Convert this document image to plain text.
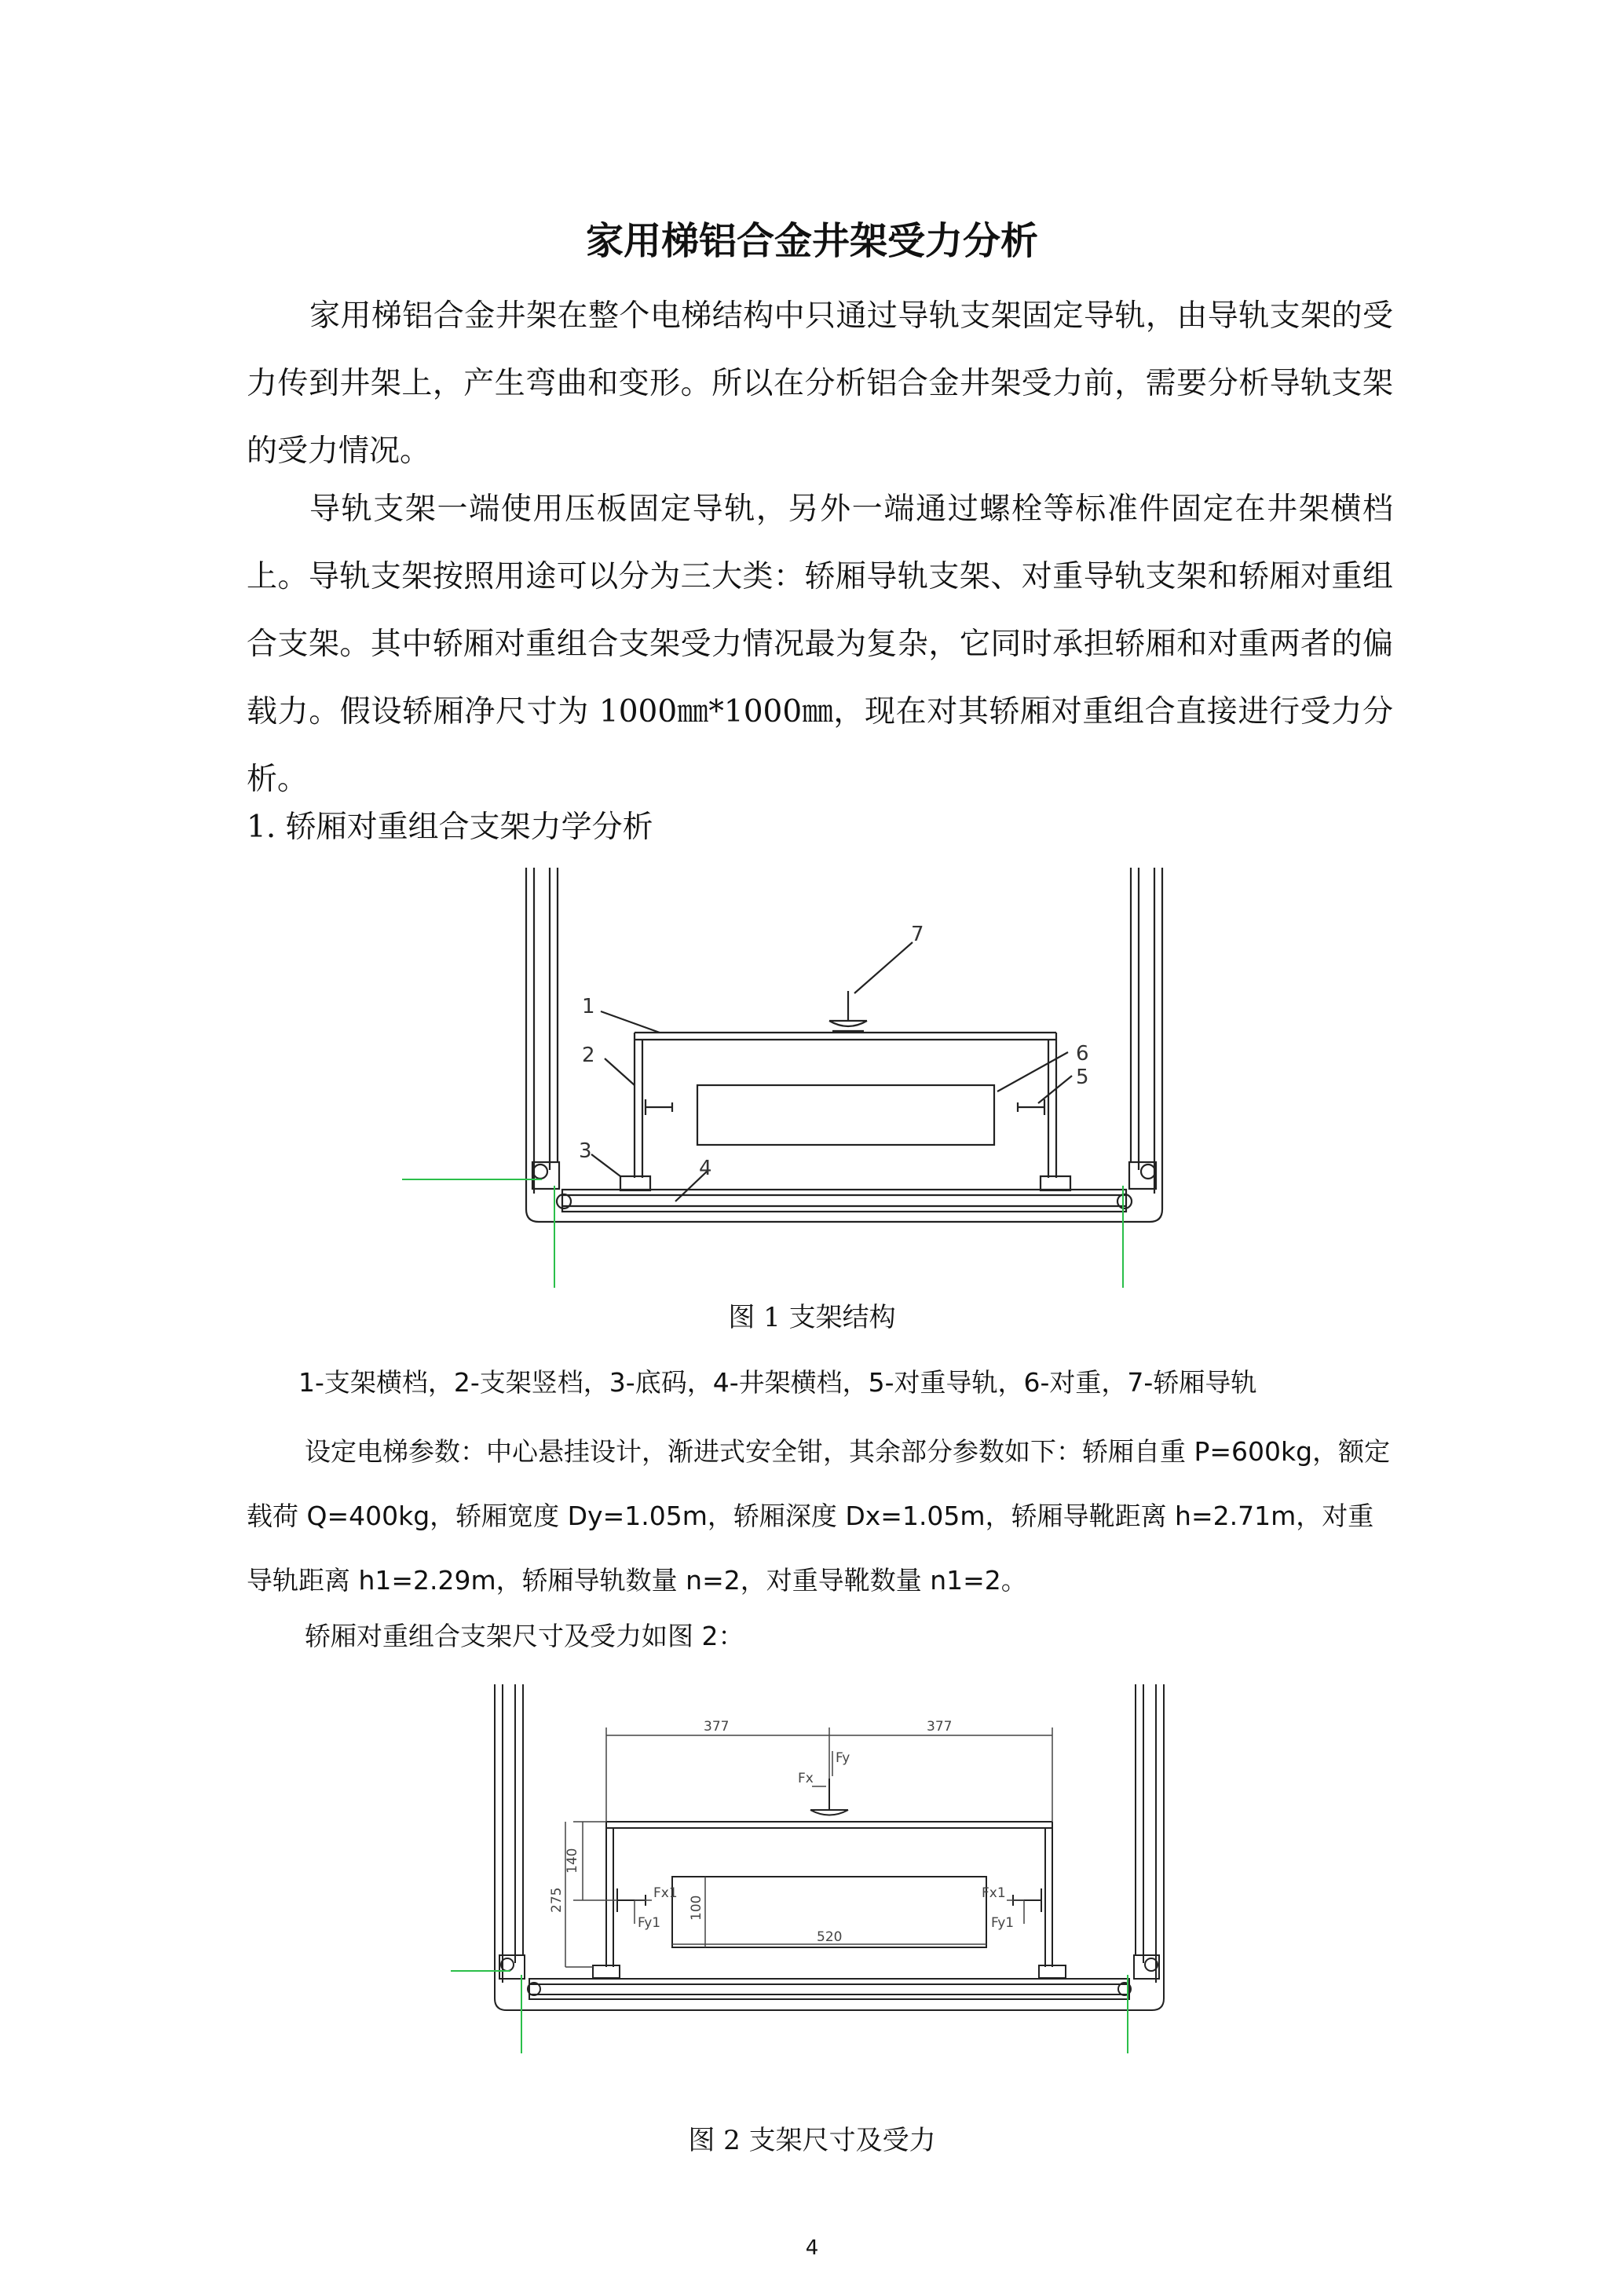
家用梯铝合金井架受力分析

家用梯铝合金井架在整个电梯结构中只通过导轨支架固定导轨，由导轨支架的受力传到井架上，产生弯曲和变形。所以在分析铝合金井架受力前，需要分析导轨支架的受力情况。

导轨支架一端使用压板固定导轨，另外一端通过螺栓等标准件固定在井架横档上。导轨支架按照用途可以分为三大类：轿厢导轨支架、对重导轨支架和轿厢对重组合支架。其中轿厢对重组合支架受力情况最为复杂，它同时承担轿厢和对重两者的偏载力。假设轿厢净尺寸为 1000㎜*1000㎜，现在对其轿厢对重组合直接进行受力分析。

1. 轿厢对重组合支架力学分析

1
2
3
4
5
6
7
图 1 支架结构
1-支架横档，2-支架竖档，3-底码，4-井架横档，5-对重导轨，6-对重，7-轿厢导轨

设定电梯参数：中心悬挂设计，渐进式安全钳，其余部分参数如下：轿厢自重 P=600kg，额定载荷 Q=400kg，轿厢宽度 Dy=1.05m，轿厢深度 Dx=1.05m，轿厢导靴距离 h=2.71m，对重导轨距离 h1=2.29m，轿厢导轨数量 n=2，对重导靴数量 n1=2。

轿厢对重组合支架尺寸及受力如图 2：
377	377
140
275	100
520
Fy
Fx
Fx1
Fy1
Fx1
Fy1
图 2 支架尺寸及受力
4
